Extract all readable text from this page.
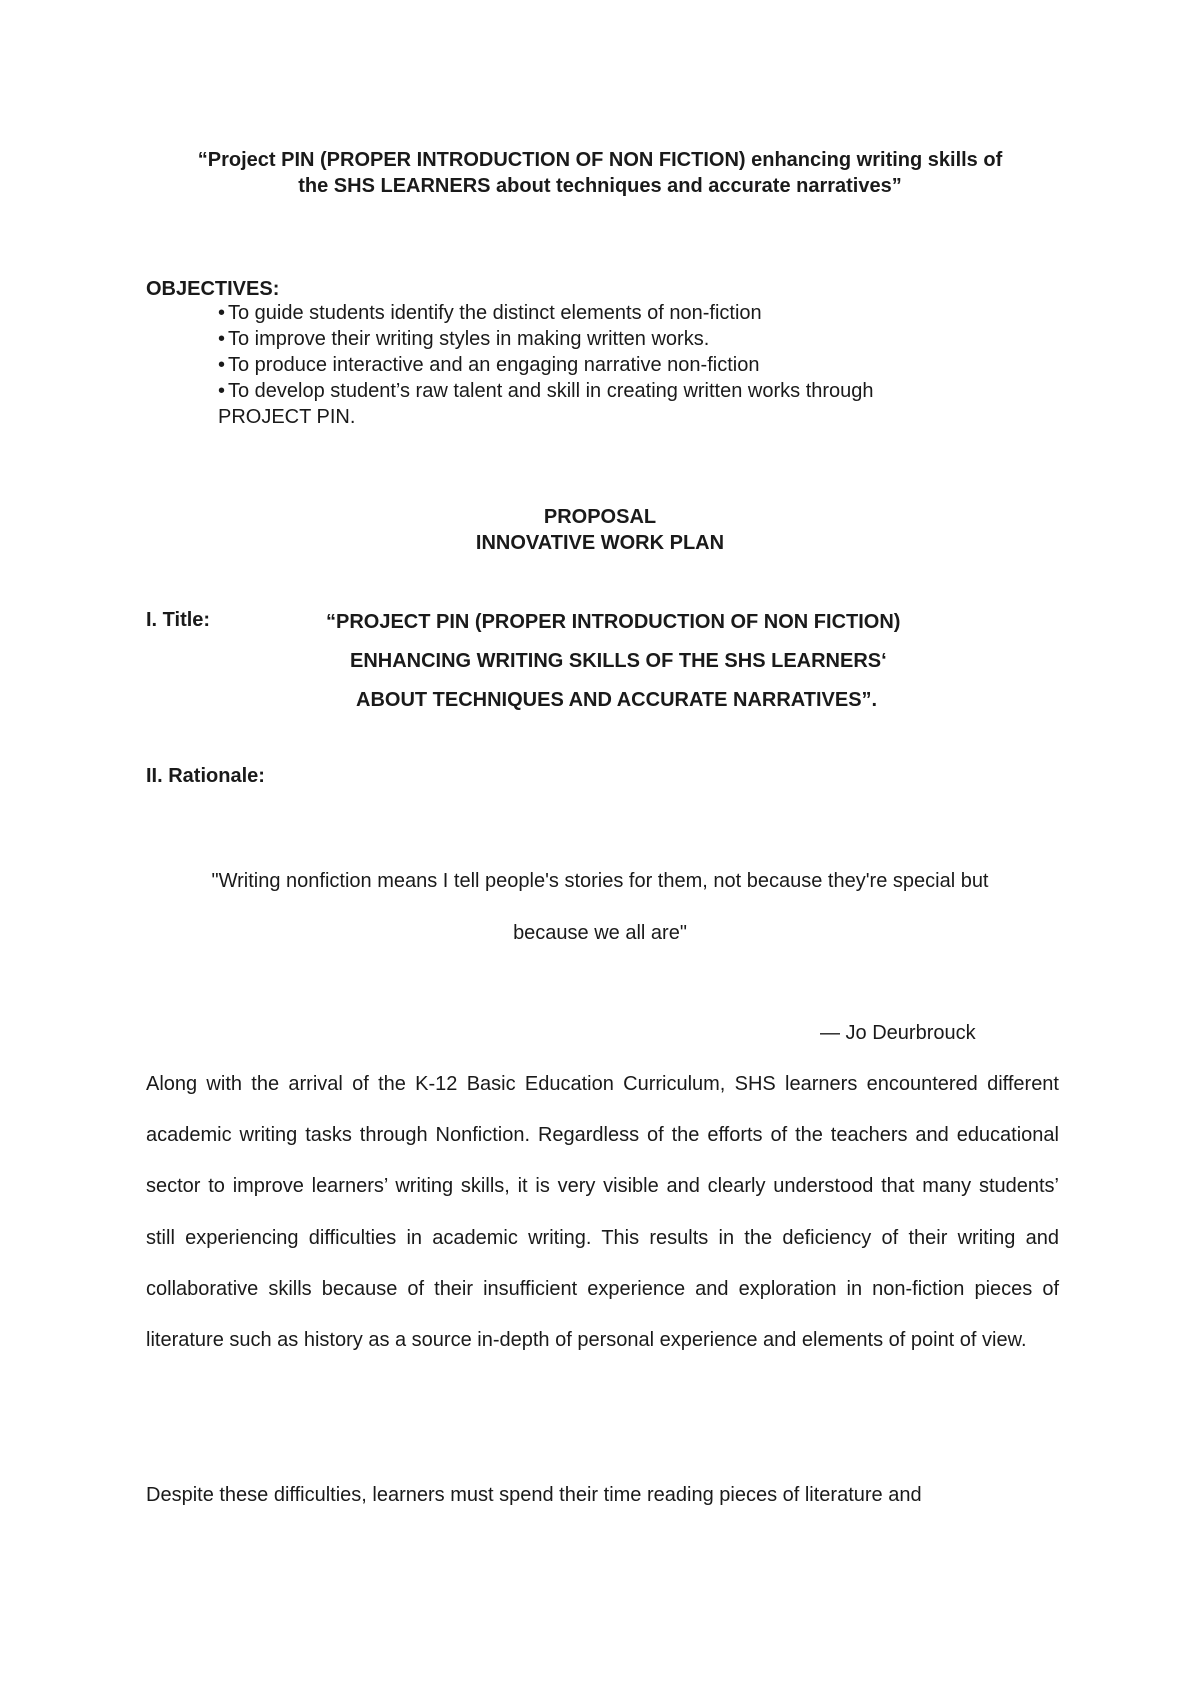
“Project PIN (PROPER INTRODUCTION OF NON FICTION) enhancing writing skills of
the SHS LEARNERS about techniques and accurate narratives”
OBJECTIVES:
• To guide students identify the distinct elements of non-fiction
• To improve their writing styles in making written works.
• To produce interactive and an engaging narrative non-fiction
• To develop student’s raw talent and skill in creating written works through
PROJECT PIN.
PROPOSAL
INNOVATIVE WORK PLAN
I. Title:	“PROJECT PIN (PROPER INTRODUCTION OF NON FICTION)
ENHANCING WRITING SKILLS OF THE SHS LEARNERS‘
ABOUT TECHNIQUES AND ACCURATE NARRATIVES”.
II. Rationale:
"Writing nonfiction means I tell people's stories for them, not because they're special but
because we all are"
― Jo Deurbrouck

Along with the arrival of the K-12 Basic Education Curriculum, SHS learners encountered different academic writing tasks through Nonfiction. Regardless of the efforts of the teachers and educational sector to improve learners’ writing skills, it is very visible and clearly understood that many students’ still experiencing difficulties in academic writing. This results in the deficiency of their writing and collaborative skills because of their insufficient experience and exploration in non-fiction pieces of literature such as history as a source in-depth of personal experience and elements of point of view.

Despite these difficulties, learners must spend their time reading pieces of literature and
